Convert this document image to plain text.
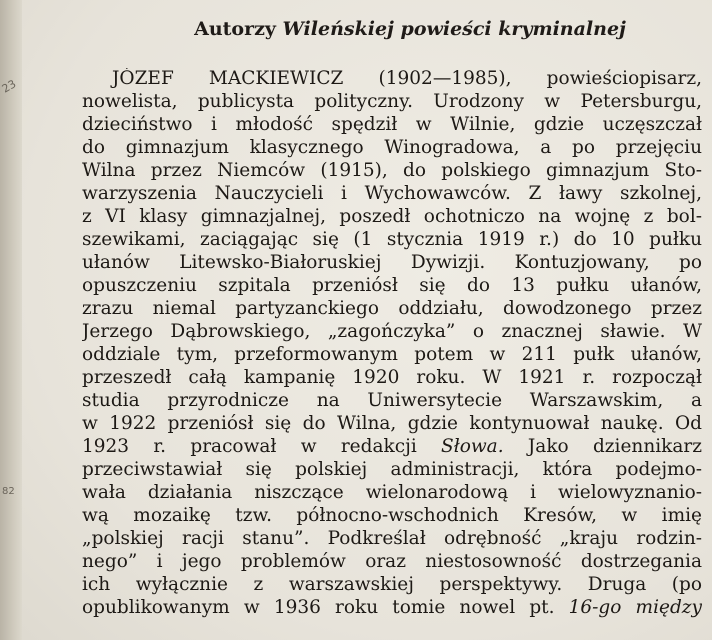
23
82
Autorzy Wileńskiej powieści kryminalnej
JÓZEF MACKIEWICZ (1902—1985), powieściopisarz,
nowelista, publicysta polityczny. Urodzony w Petersburgu,
dzieciństwo i młodość spędził w Wilnie, gdzie uczęszczał
do gimnazjum klasycznego Winogradowa, a po przejęciu
Wilna przez Niemców (1915), do polskiego gimnazjum Sto-
warzyszenia Nauczycieli i Wychowawców. Z ławy szkolnej,
z VI klasy gimnazjalnej, poszedł ochotniczo na wojnę z bol-
szewikami, zaciągając się (1 stycznia 1919 r.) do 10 pułku
ułanów Litewsko-Białoruskiej Dywizji. Kontuzjowany, po
opuszczeniu szpitala przeniósł się do 13 pułku ułanów,
zrazu niemal partyzanckiego oddziału, dowodzonego przez
Jerzego Dąbrowskiego, „zagończyka” o znacznej sławie. W
oddziale tym, przeformowanym potem w 211 pułk ułanów,
przeszedł całą kampanię 1920 roku. W 1921 r. rozpoczął
studia przyrodnicze na Uniwersytecie Warszawskim, a
w 1922 przeniósł się do Wilna, gdzie kontynuował naukę. Od
1923 r. pracował w redakcji Słowa. Jako dziennikarz
przeciwstawiał się polskiej administracji, która podejmo-
wała działania niszczące wielonarodową i wielowyznanio-
wą mozaikę tzw. północno-wschodnich Kresów, w imię
„polskiej racji stanu”. Podkreślał odrębność „kraju rodzin-
nego” i jego problemów oraz niestosowność dostrzegania
ich wyłącznie z warszawskiej perspektywy. Druga (po
opublikowanym w 1936 roku tomie nowel pt. 16-go między
